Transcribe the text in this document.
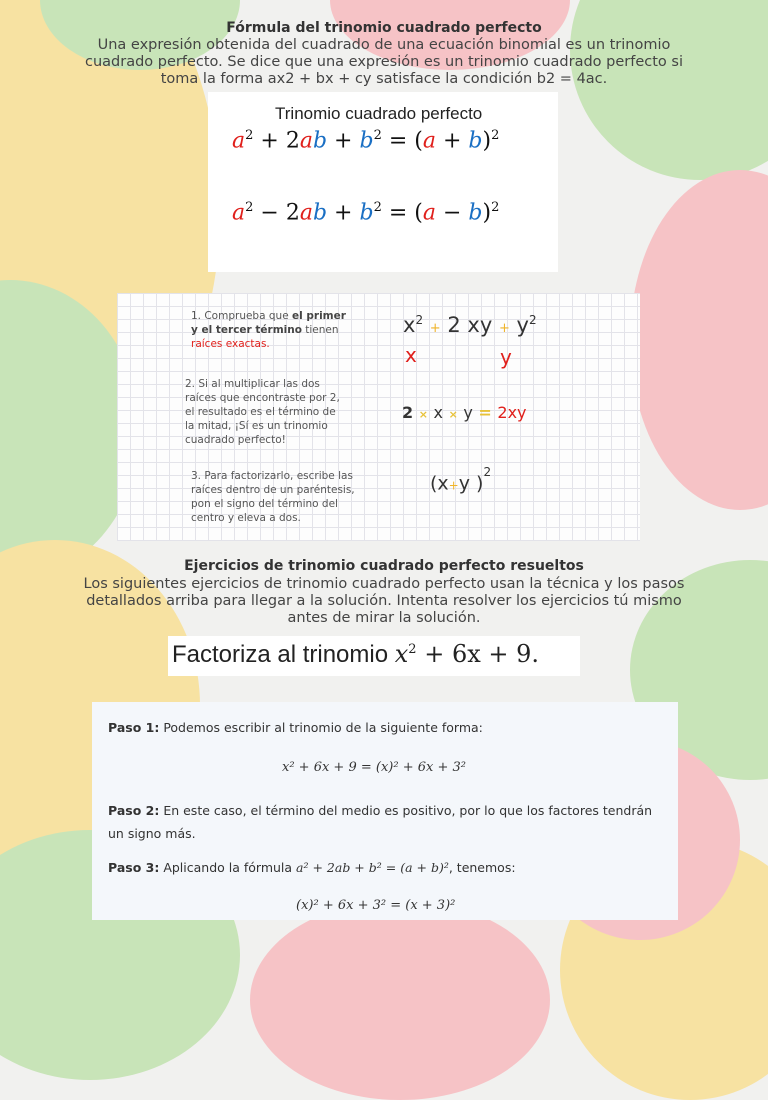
Fórmula del trinomio cuadrado perfecto
Una expresión obtenida del cuadrado de una ecuación binomial es un trinomio
cuadrado perfecto. Se dice que una expresión es un trinomio cuadrado perfecto si
toma la forma ax2 + bx + cy satisface la condición b2 = 4ac.
Trinomio cuadrado perfecto
$a^2 + 2ab + b^2 = (a + b)^2$
$a^2 - 2ab + b^2 = (a - b)^2$
1. Comprueba que el primer
y el tercer término tienen
raíces exactas.
2. Si al multiplicar las dos
raíces que encontraste por 2,
el resultado es el término de
la mitad, ¡Sí es un trinomio
cuadrado perfecto!
3. Para factorizarlo, escribe las
raíces dentro de un paréntesis,
pon el signo del término del
centro y eleva a dos.
$x^2 + 2$ xy + $y^2$
x	y
2 × x × y = 2xy
(x+y )$^2$
Ejercicios de trinomio cuadrado perfecto resueltos
Los siguientes ejercicios de trinomio cuadrado perfecto usan la técnica y los pasos
detallados arriba para llegar a la solución. Intenta resolver los ejercicios tú mismo
antes de mirar la solución.
Factoriza al trinomio $x^2 + 6x + 9$.
Paso 1: Podemos escribir al trinomio de la siguiente forma:
x² + 6x + 9 = (x)² + 6x + 3²
Paso 2: En este caso, el término del medio es positivo, por lo que los factores tendrán
un signo más.
Paso 3: Aplicando la fórmula a² + 2ab + b² = (a + b)², tenemos:
(x)² + 6x + 3² = (x + 3)²
